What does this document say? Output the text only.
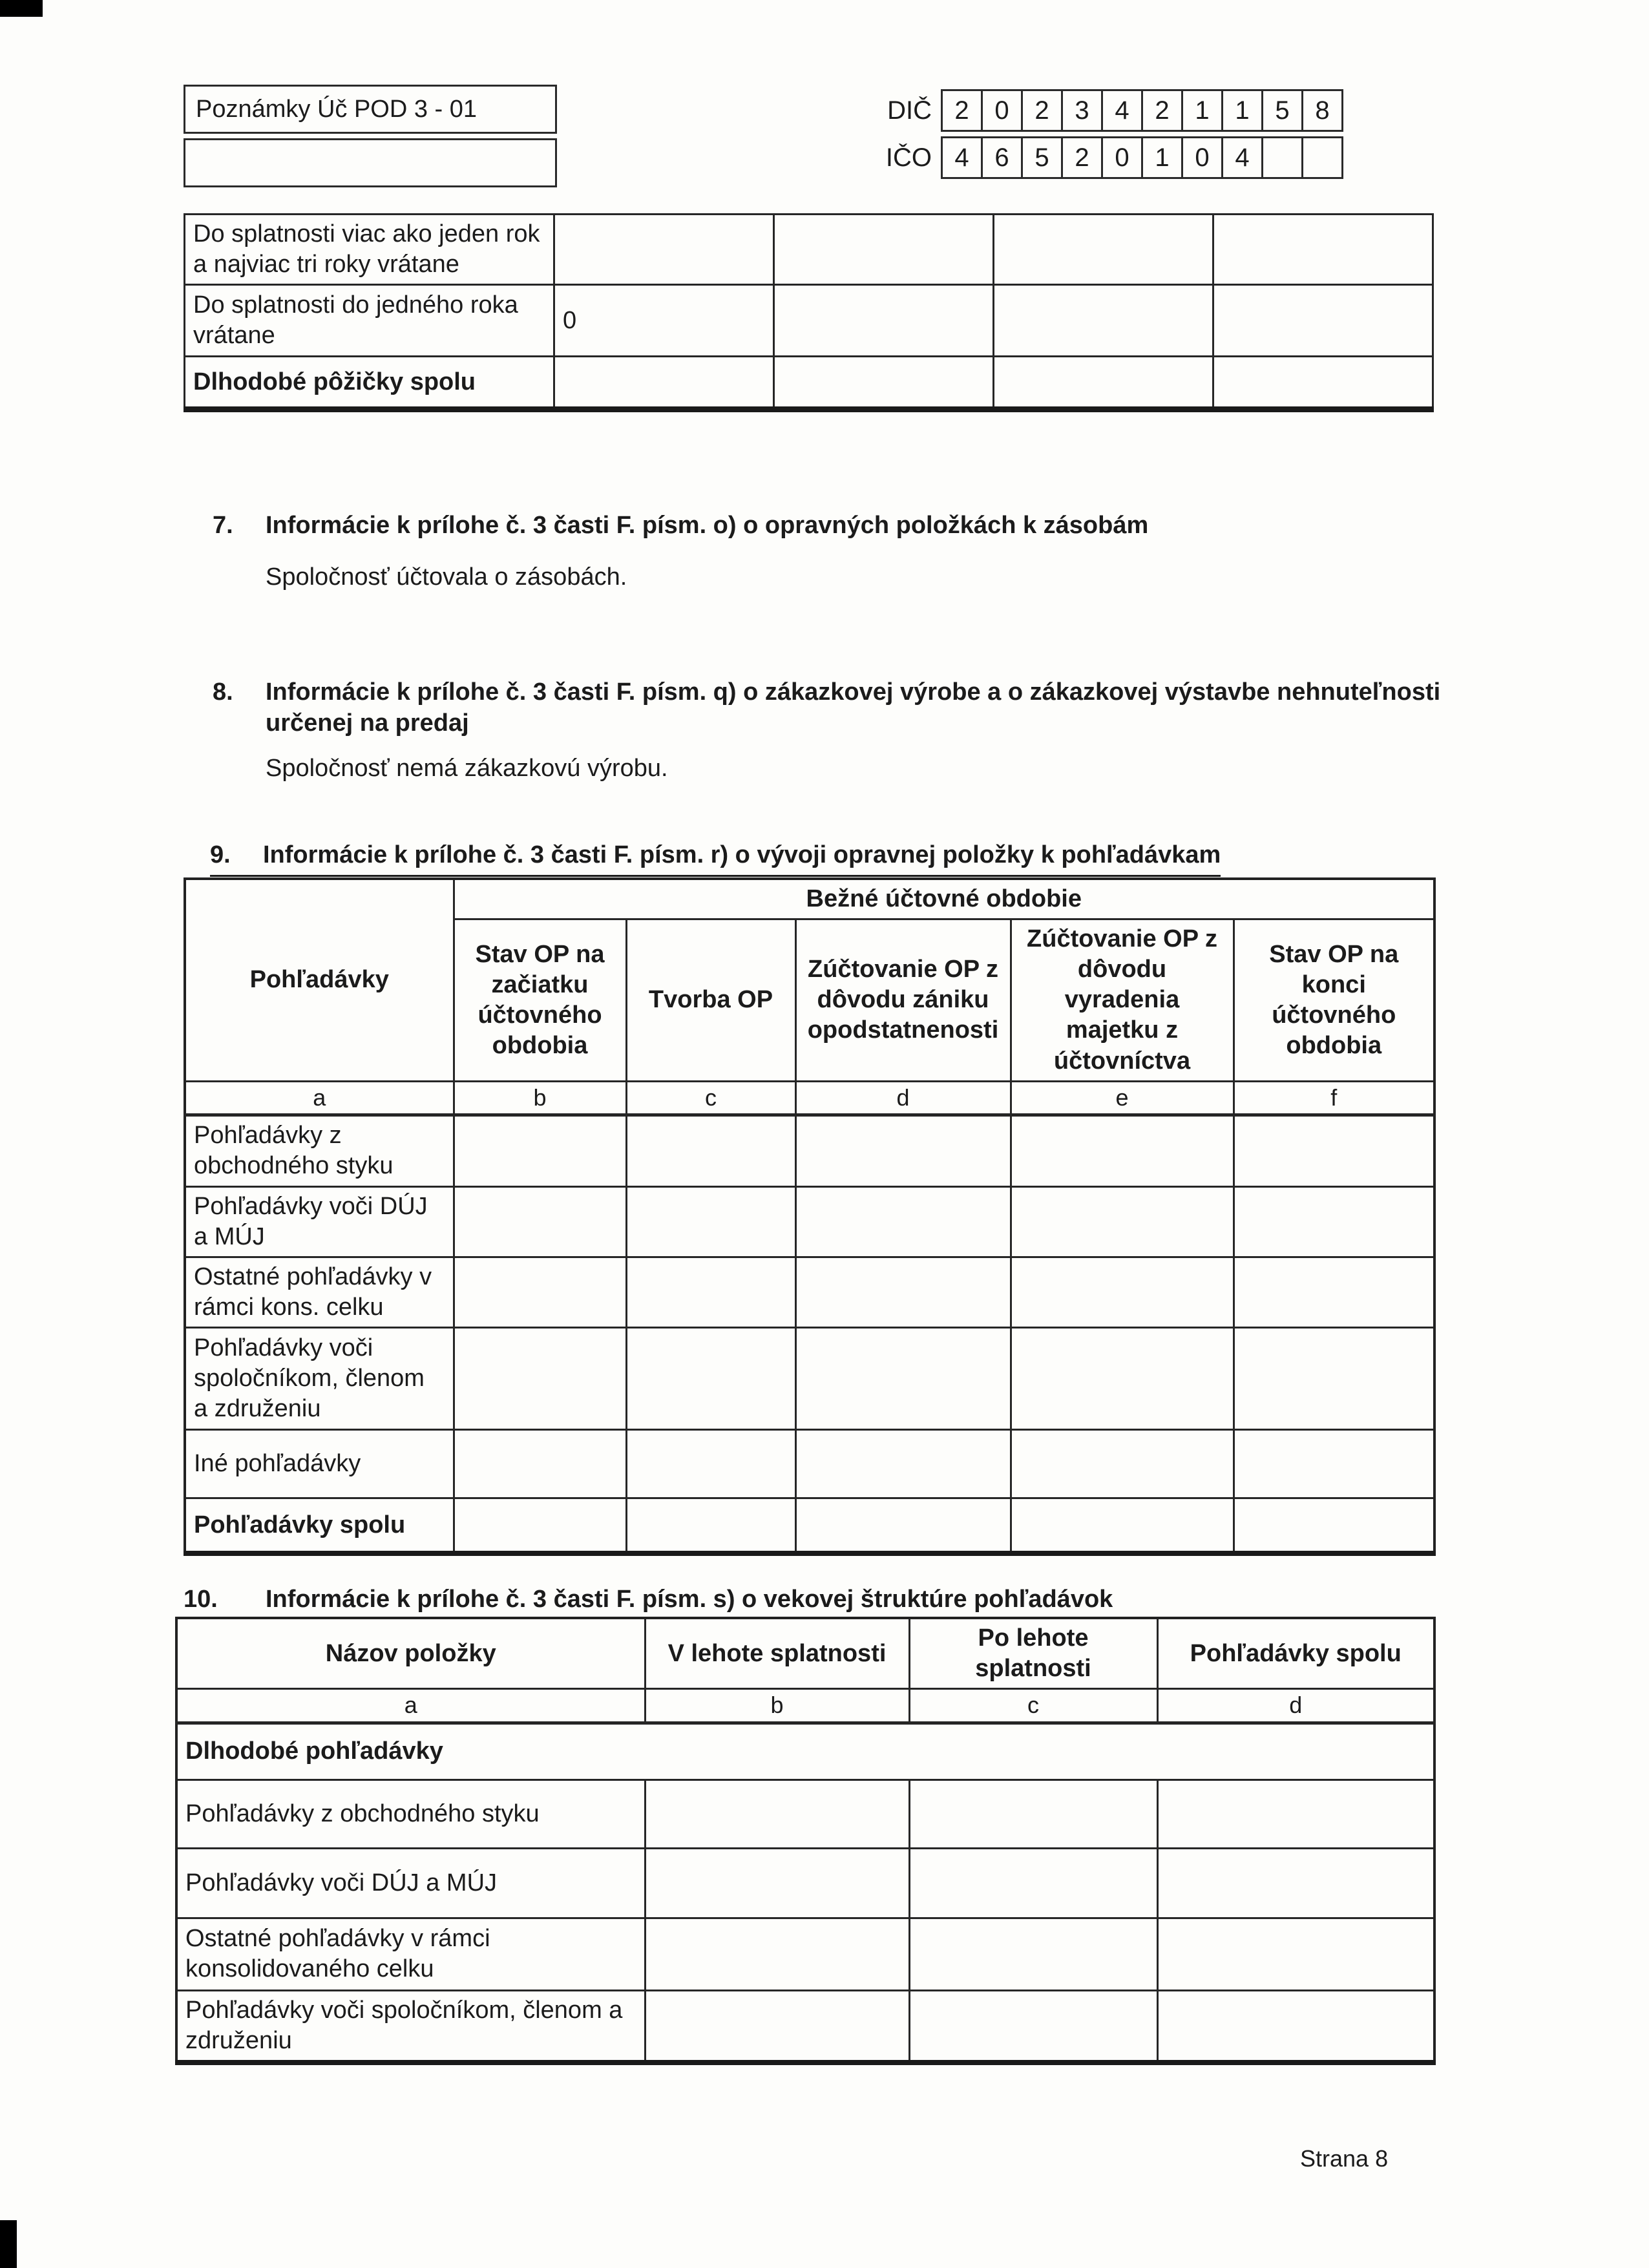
Poznámky Úč POD 3 - 01	DIČ 2 0 2 3 4 2 1 1 5 8
IČO 4 6 5 2 0 1 0 4
Do splatnosti viac ako jeden rok a najviac tri roky vrátane				
Do splatnosti do jedného roka vrátane	0			
Dlhodobé pôžičky spolu				
7.	Informácie k prílohe č. 3 časti F. písm. o) o opravných položkách k zásobám
Spoločnosť účtovala o zásobách.
8.	Informácie k prílohe č. 3 časti F. písm. q) o zákazkovej výrobe a o zákazkovej výstavbe nehnuteľnosti určenej na predaj
Spoločnosť nemá zákazkovú výrobu.
9.	Informácie k prílohe č. 3 časti F. písm. r) o vývoji opravnej položky k pohľadávkam
Pohľadávky	Bežné účtovné obdobie				
	Stav OP na začiatku účtovného obdobia	Tvorba OP	Zúčtovanie OP z dôvodu zániku opodstatnenosti	Zúčtovanie OP z dôvodu vyradenia majetku z účtovníctva	Stav OP na konci účtovného obdobia
a	b	c	d	e	f
Pohľadávky z obchodného styku					
Pohľadávky voči DÚJ a MÚJ					
Ostatné pohľadávky v rámci kons. celku					
Pohľadávky voči spoločníkom, členom a združeniu					
Iné pohľadávky					
Pohľadávky spolu					
10.	Informácie k prílohe č. 3 časti F. písm. s) o vekovej štruktúre pohľadávok
Názov položky	V lehote splatnosti	Po lehote splatnosti	Pohľadávky spolu
a	b	c	d
Dlhodobé pohľadávky			
Pohľadávky z obchodného styku			
Pohľadávky voči DÚJ a MÚJ			
Ostatné pohľadávky v rámci konsolidovaného celku			
Pohľadávky voči spoločníkom, členom a združeniu			
Strana 8
